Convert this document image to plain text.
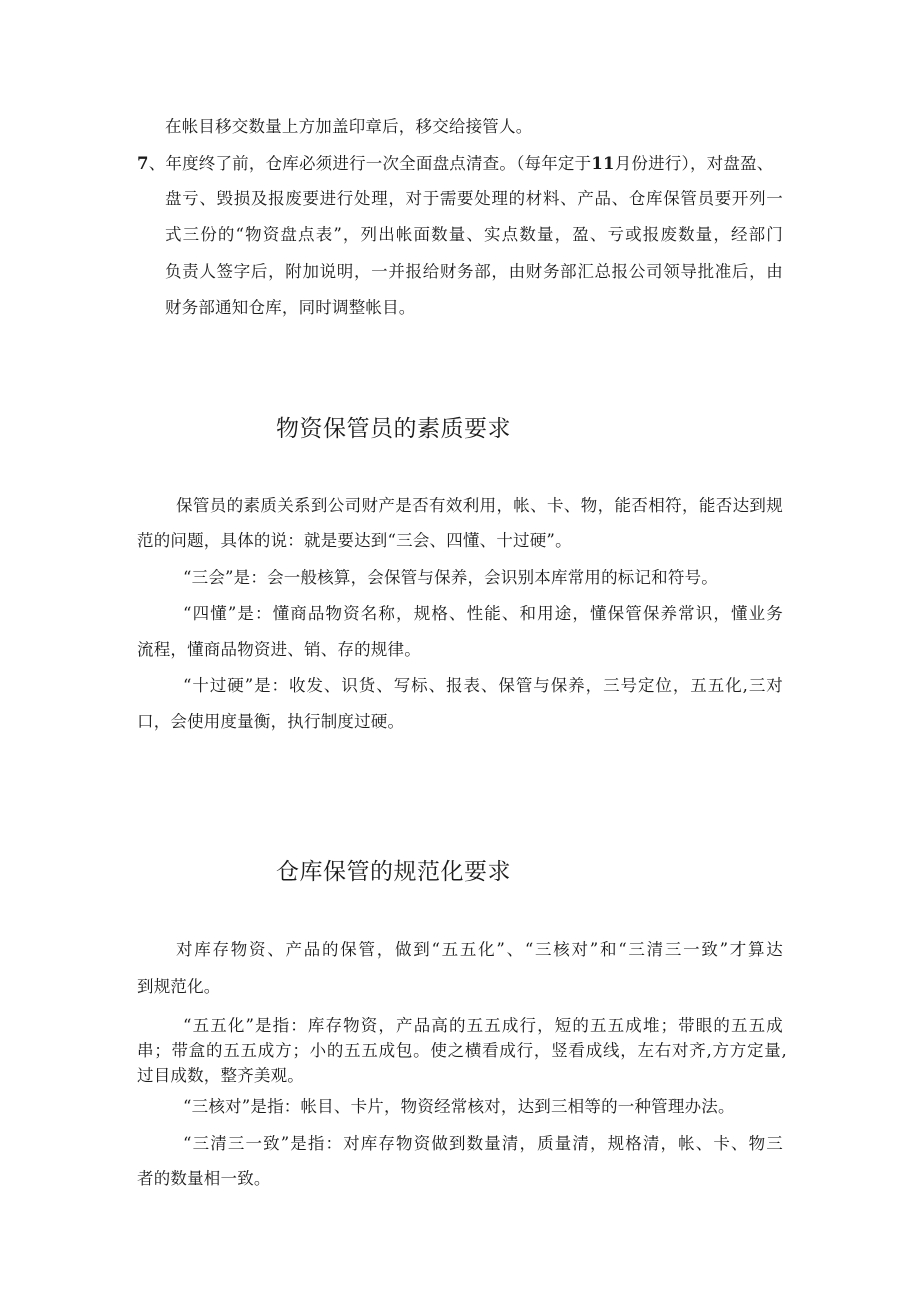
在帐目移交数量上方加盖印章后，移交给接管人。
7、年度终了前，仓库必须进行一次全面盘点清查。（每年定于11月份进行），对盘盈、
盘亏、毁损及报废要进行处理，对于需要处理的材料、产品、仓库保管员要开列一
式三份的“物资盘点表”，列出帐面数量、实点数量，盈、亏或报废数量，经部门
负责人签字后，附加说明，一并报给财务部，由财务部汇总报公司领导批准后，由
财务部通知仓库，同时调整帐目。
物资保管员的素质要求
保管员的素质关系到公司财产是否有效利用，帐、卡、物，能否相符，能否达到规
范的问题，具体的说：就是要达到“三会、四懂、十过硬”。
“三会”是：会一般核算，会保管与保养，会识别本库常用的标记和符号。
“四懂”是：懂商品物资名称，规格、性能、和用途，懂保管保养常识，懂业务
流程，懂商品物资进、销、存的规律。
“十过硬”是：收发、识货、写标、报表、保管与保养，三号定位，五五化,三对
口，会使用度量衡，执行制度过硬。
仓库保管的规范化要求
对库存物资、产品的保管，做到“五五化”、“三核对”和“三清三一致”才算达
到规范化。
“五五化”是指：库存物资，产品高的五五成行，短的五五成堆；带眼的五五成
串；带盒的五五成方；小的五五成包。使之横看成行，竖看成线，左右对齐,方方定量,
过目成数，整齐美观。
“三核对”是指：帐目、卡片，物资经常核对，达到三相等的一种管理办法。
“三清三一致”是指：对库存物资做到数量清，质量清，规格清，帐、卡、物三
者的数量相一致。
